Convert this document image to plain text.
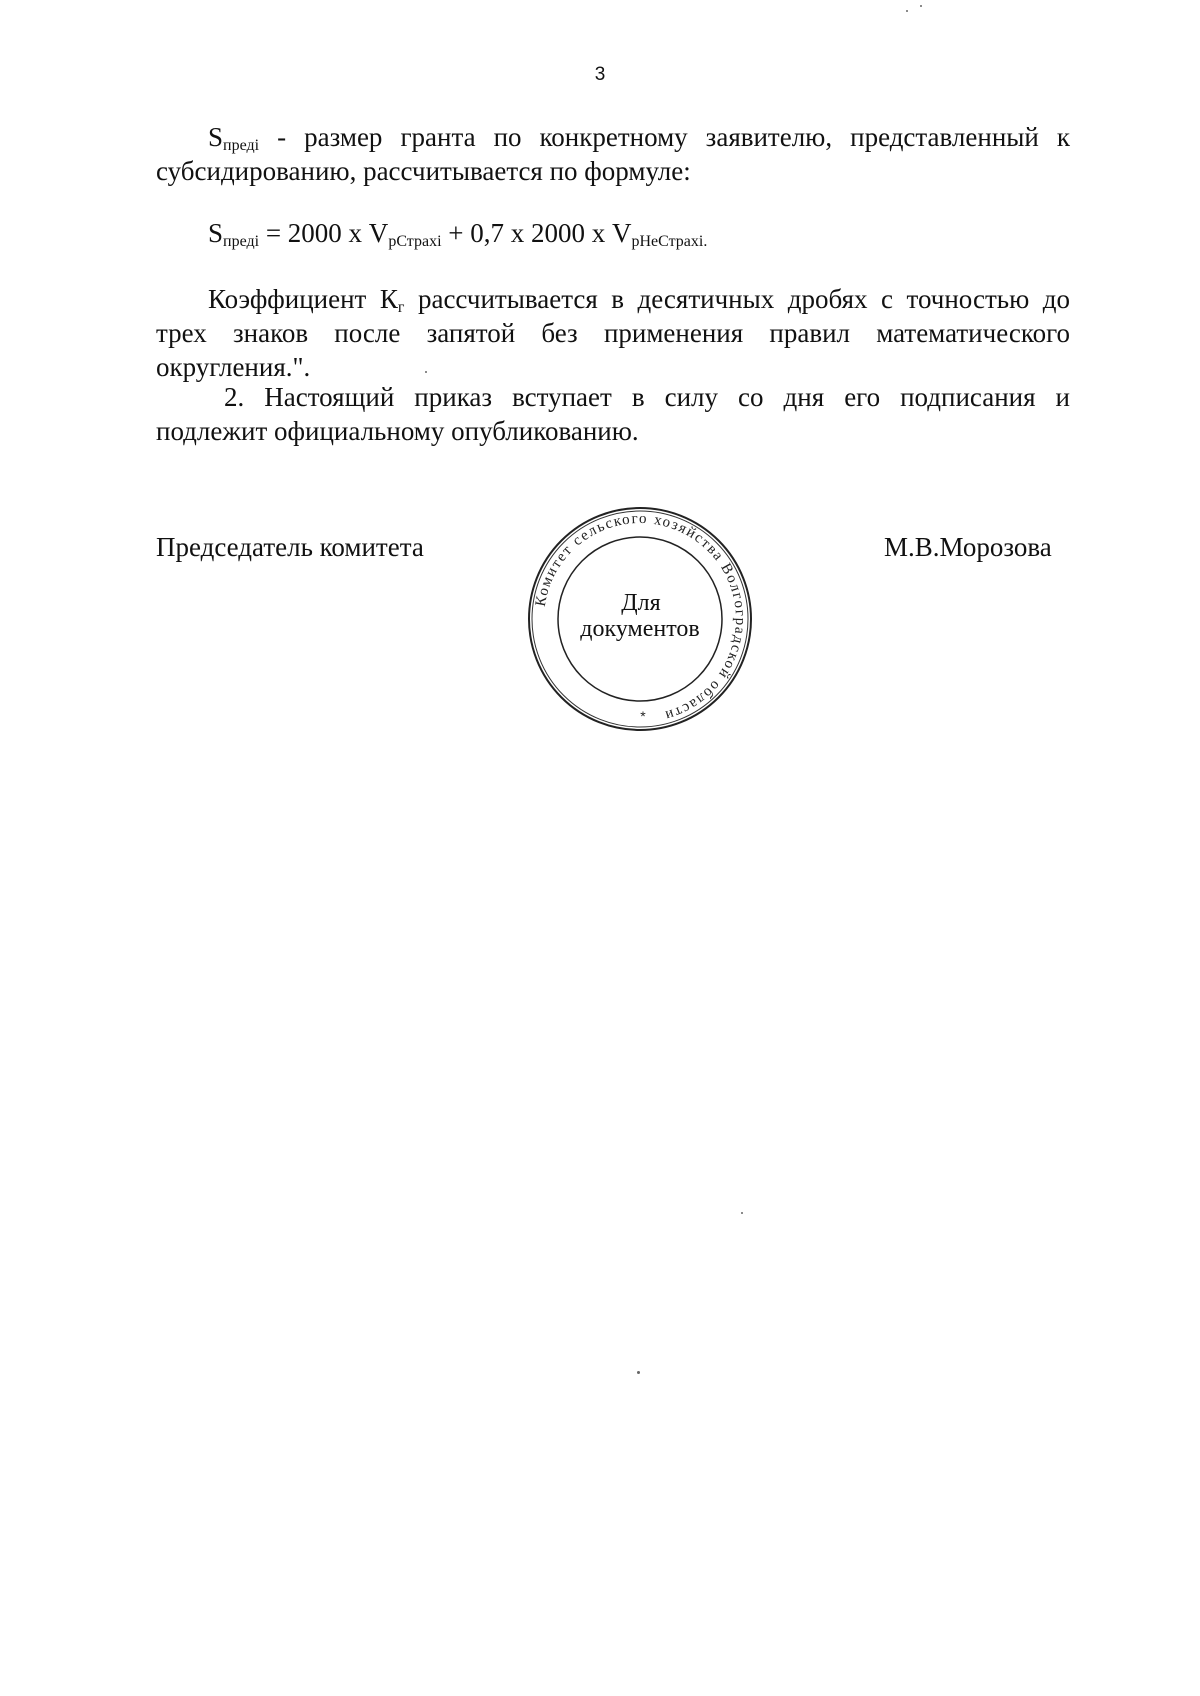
3
$S_{преді}$ - размер гранта по конкретному заявителю, представленный к
субсидированию, рассчитывается по формуле:
$S_{преді} = 2000$ х $V_{рСтрахі} + 0,7$ х 2000 х $V_{рНеСтрахі.}$
Коэффициент $К_г$ рассчитывается в десятичных дробях с точностью до
трех знаков после запятой без применения правил математического
округления.".
2. Настоящий приказ вступает в силу со дня его подписания и
подлежит официальному опубликованию.
Председатель комитета	М.В.Морозова
Комитет сельского хозяйства Волгоградской области
*
Для
документов
